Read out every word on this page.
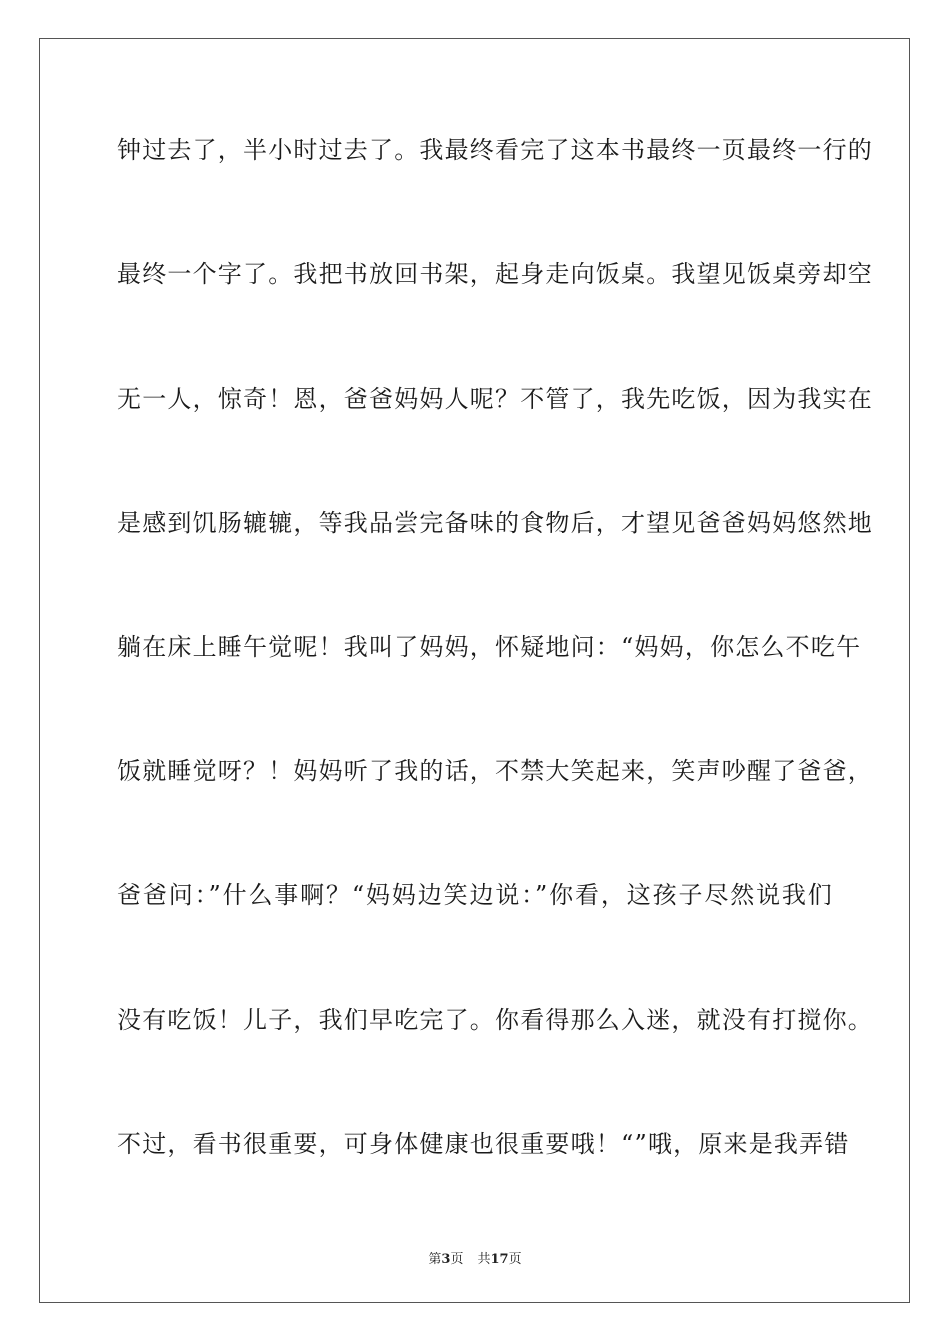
钟过去了，半小时过去了。我最终看完了这本书最终一页最终一行的
最终一个字了。我把书放回书架，起身走向饭桌。我望见饭桌旁却空
无一人，惊奇！恩，爸爸妈妈人呢？不管了，我先吃饭，因为我实在
是感到饥肠辘辘，等我品尝完备味的食物后，才望见爸爸妈妈悠然地
躺在床上睡午觉呢！我叫了妈妈，怀疑地问：“妈妈，你怎么不吃午
饭就睡觉呀？！妈妈听了我的话，不禁大笑起来，笑声吵醒了爸爸，
爸爸问：”什么事啊？“妈妈边笑边说：”你看，这孩子尽然说我们
没有吃饭！儿子，我们早吃完了。你看得那么入迷，就没有打搅你。
不过，看书很重要，可身体健康也很重要哦！“”哦，原来是我弄错
第3页 共17页
